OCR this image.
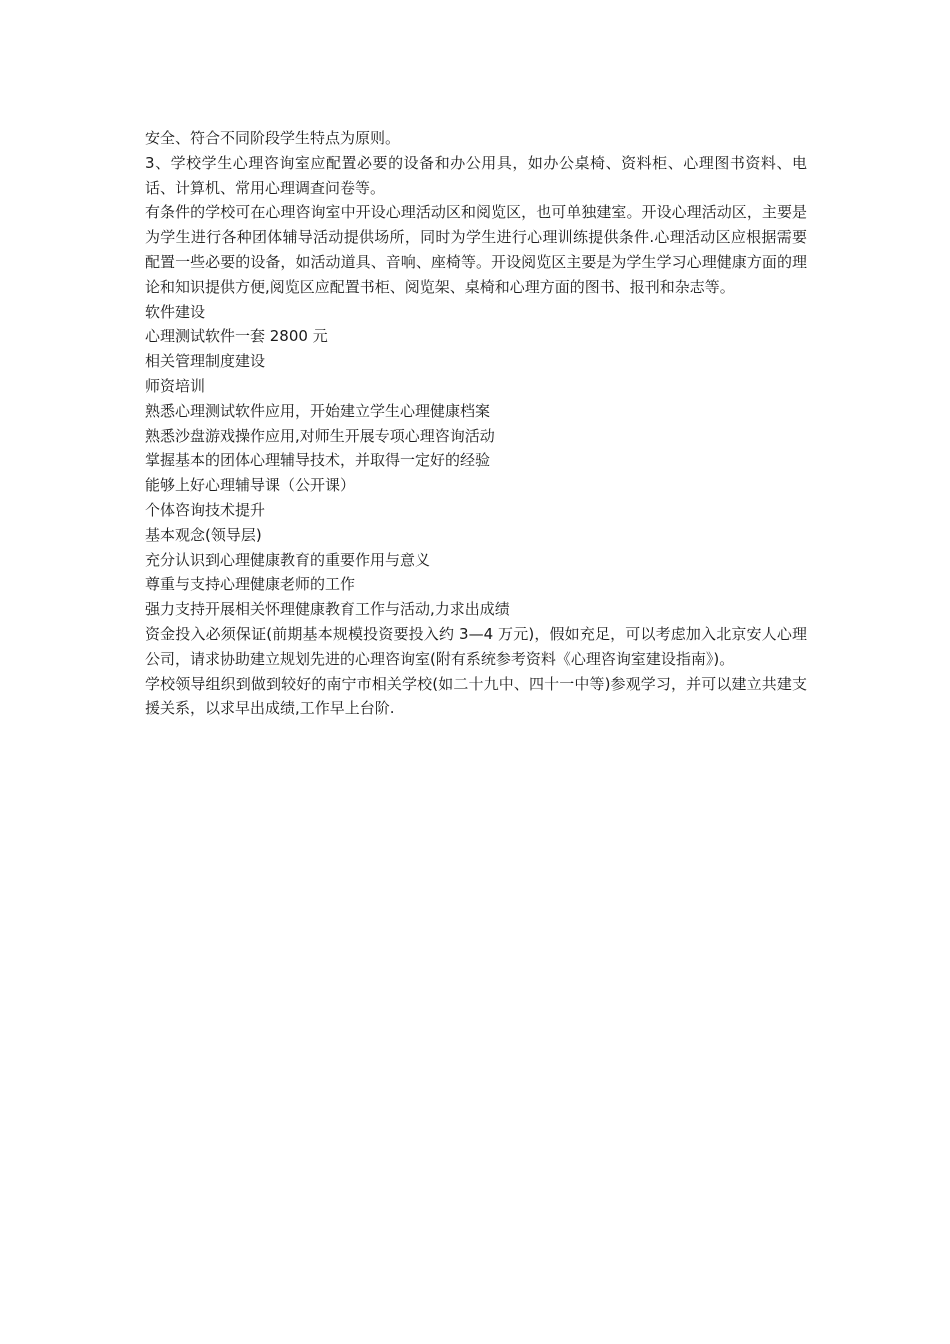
安全、符合不同阶段学生特点为原则。

3、学校学生心理咨询室应配置必要的设备和办公用具，如办公桌椅、资料柜、心理图书资料、电话、计算机、常用心理调查问卷等。

有条件的学校可在心理咨询室中开设心理活动区和阅览区，也可单独建室。开设心理活动区，主要是为学生进行各种团体辅导活动提供场所，同时为学生进行心理训练提供条件.心理活动区应根据需要配置一些必要的设备，如活动道具、音响、座椅等。开设阅览区主要是为学生学习心理健康方面的理论和知识提供方便,阅览区应配置书柜、阅览架、桌椅和心理方面的图书、报刊和杂志等。

软件建设

心理测试软件一套 2800 元

相关管理制度建设

师资培训

熟悉心理测试软件应用，开始建立学生心理健康档案

熟悉沙盘游戏操作应用,对师生开展专项心理咨询活动

掌握基本的团体心理辅导技术，并取得一定好的经验

能够上好心理辅导课（公开课）

个体咨询技术提升

基本观念(领导层)

充分认识到心理健康教育的重要作用与意义

尊重与支持心理健康老师的工作

强力支持开展相关怀理健康教育工作与活动,力求出成绩

资金投入必须保证(前期基本规模投资要投入约 3—4 万元)，假如充足，可以考虑加入北京安人心理公司，请求协助建立规划先进的心理咨询室(附有系统参考资料《心理咨询室建设指南》)。

学校领导组织到做到较好的南宁市相关学校(如二十九中、四十一中等)参观学习，并可以建立共建支援关系，以求早出成绩,工作早上台阶.
